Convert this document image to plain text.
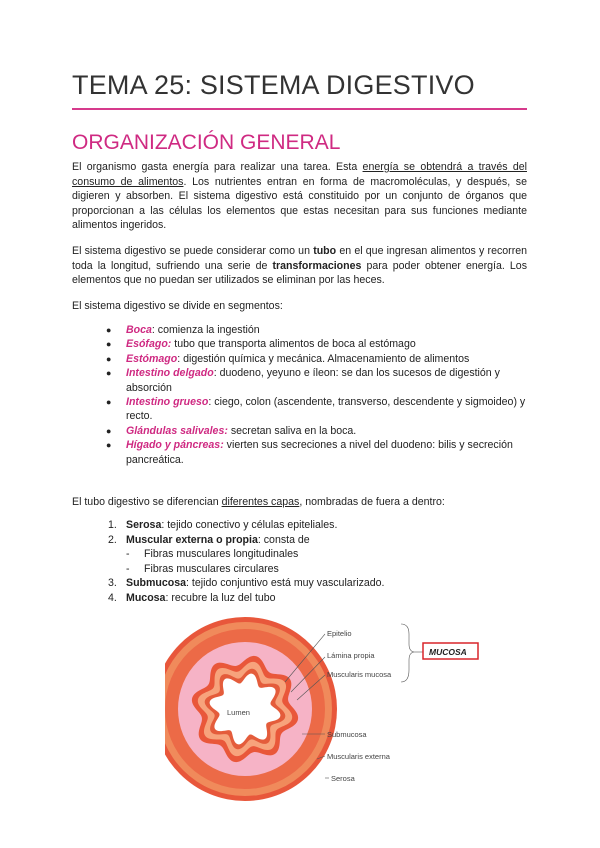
TEMA 25: SISTEMA DIGESTIVO
ORGANIZACIÓN GENERAL
El organismo gasta energía para realizar una tarea. Esta energía se obtendrá a través del consumo de alimentos. Los nutrientes entran en forma de macromoléculas, y después, se digieren y absorben. El sistema digestivo está constituido por un conjunto de órganos que proporcionan a las células los elementos que estas necesitan para sus funciones mediante alimentos ingeridos.
El sistema digestivo se puede considerar como un tubo en el que ingresan alimentos y recorren toda la longitud, sufriendo una serie de transformaciones para poder obtener energía. Los elementos que no puedan ser utilizados se eliminan por las heces.
El sistema digestivo se divide en segmentos:
● Boca: comienza la ingestión
● Esófago: tubo que transporta alimentos de boca al estómago
● Estómago: digestión química y mecánica. Almacenamiento de alimentos
● Intestino delgado: duodeno, yeyuno e íleon: se dan los sucesos de digestión y absorción
● Intestino grueso: ciego, colon (ascendente, transverso, descendente y sigmoideo) y recto.
● Glándulas salivales: secretan saliva en la boca.
● Hígado y páncreas: vierten sus secreciones a nivel del duodeno: bilis y secreción pancreática.
El tubo digestivo se diferencian diferentes capas, nombradas de fuera a dentro:
1. Serosa: tejido conectivo y células epiteliales.
2. Muscular externa o propia: consta de
- Fibras musculares longitudinales
- Fibras musculares circulares
3. Submucosa: tejido conjuntivo está muy vascularizado.
4. Mucosa: recubre la luz del tubo
Lumen
Epitelio
Lámina propia
Muscularis mucosa
MUCOSA
Submucosa
Muscularis externa
Serosa
